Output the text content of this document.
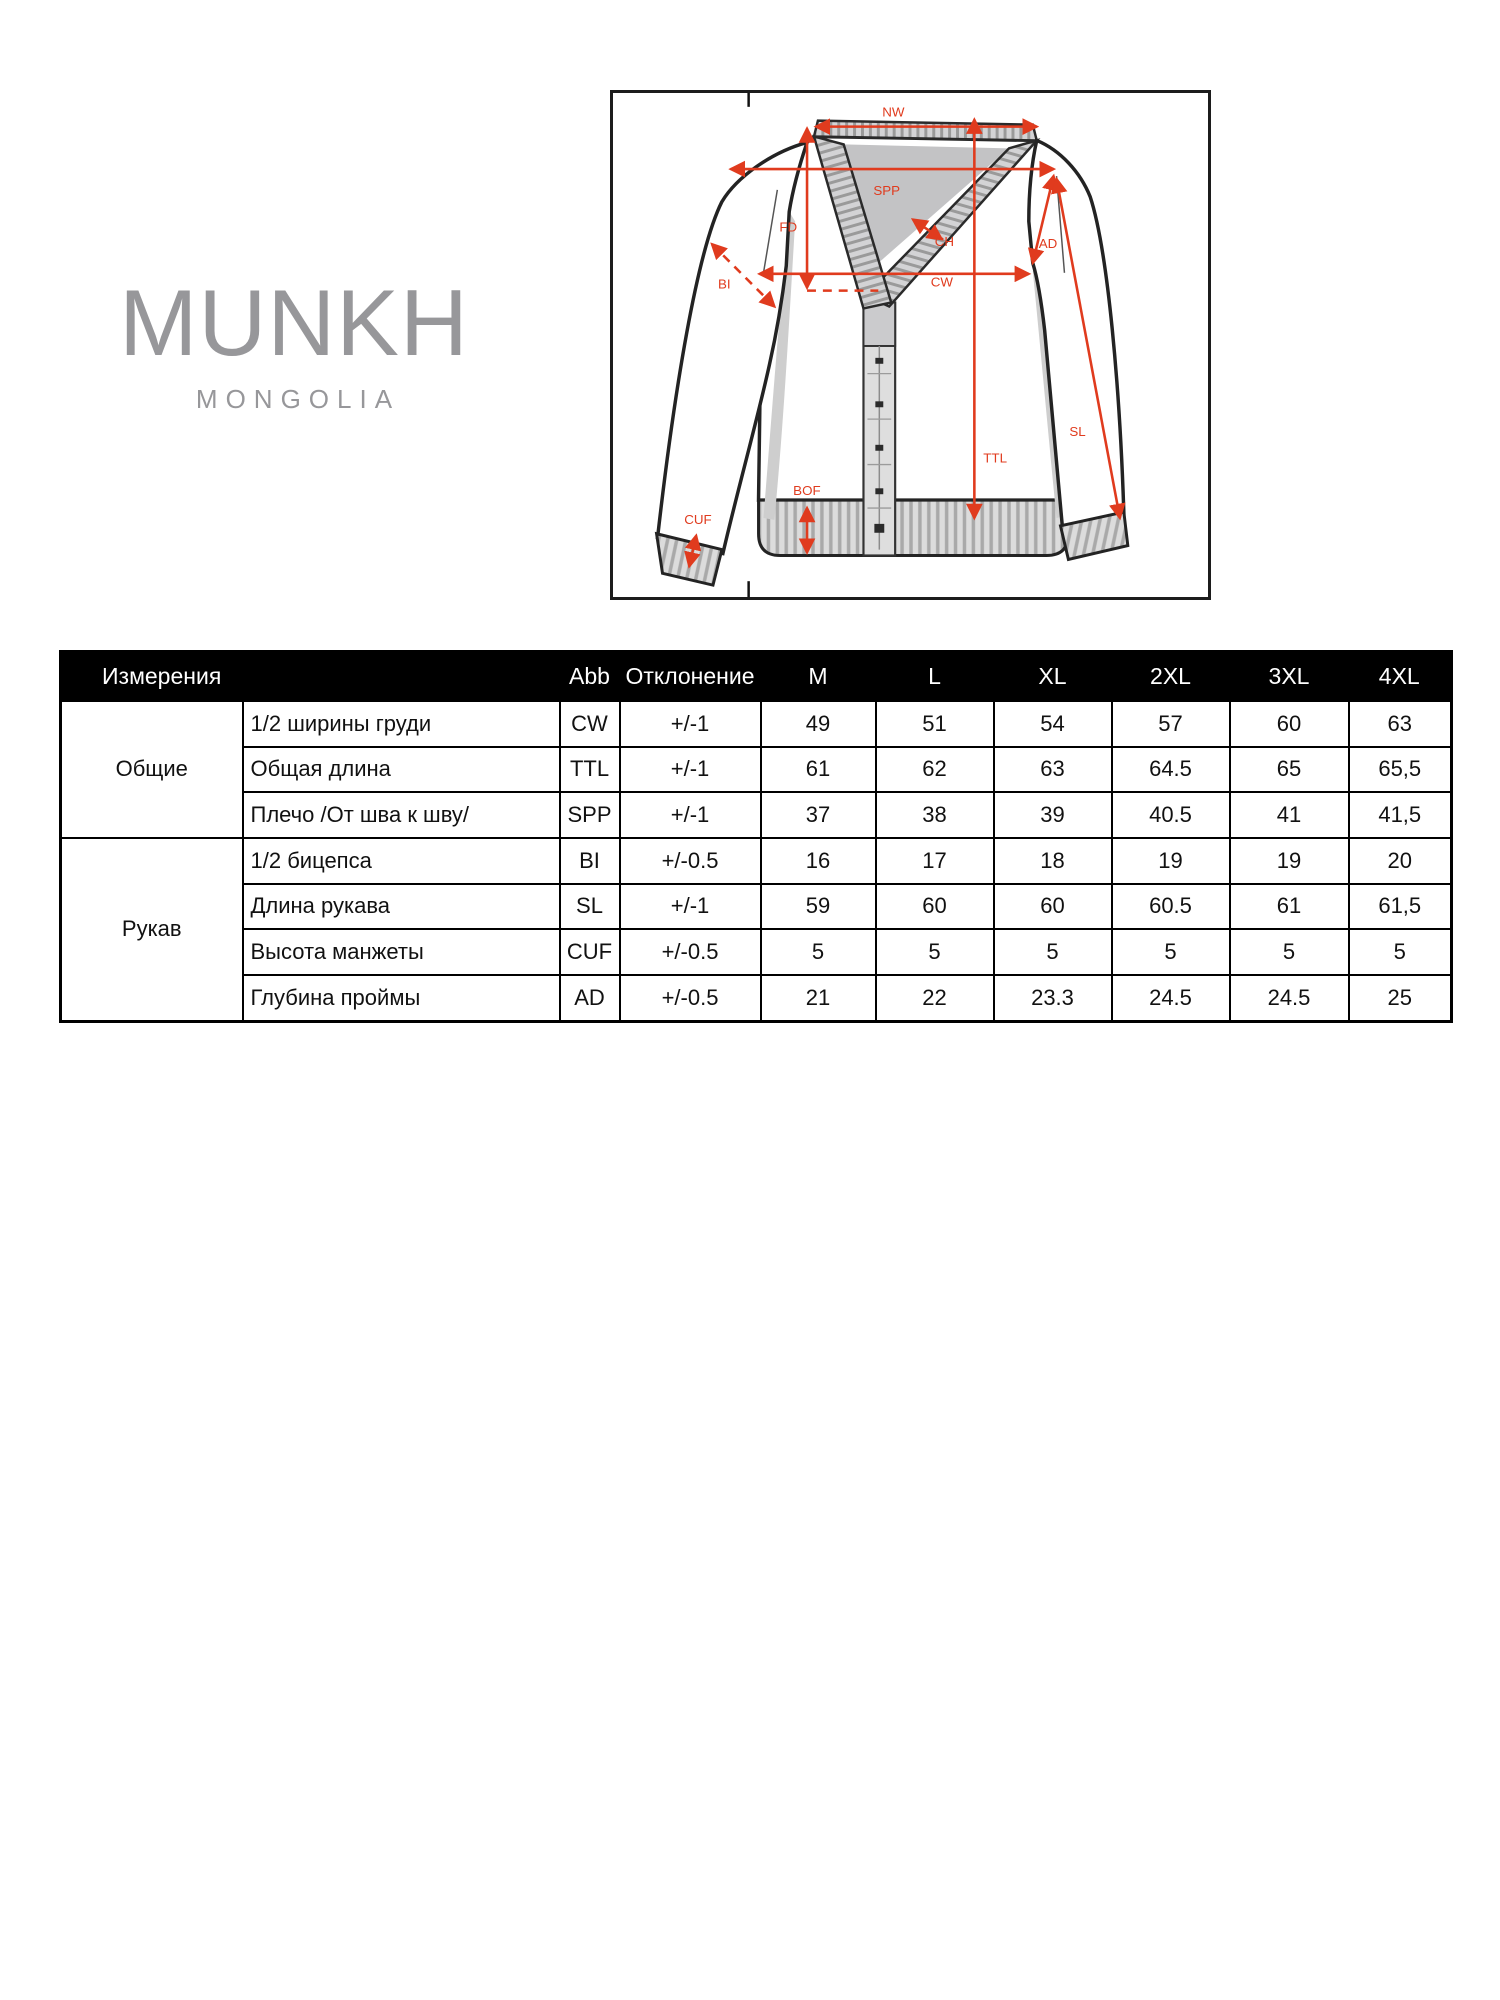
MUNKH
MONGOLIA
NW
SPP
FD
CH
BI	CW
AD
SL
TTL
BOF
CUF
Измерения		Abb	Отклонение	M	L	XL	2XL	3XL	4XL
Общие	1/2 ширины груди	CW	+/-1	49	51	54	57	60	63
	Общая длина	TTL	+/-1	61	62	63	64.5	65	65,5
	Плечо /От шва к шву/	SPP	+/-1	37	38	39	40.5	41	41,5
Рукав	1/2 бицепса	BI	+/-0.5	16	17	18	19	19	20
	Длина рукава	SL	+/-1	59	60	60	60.5	61	61,5
	Высота манжеты	CUF	+/-0.5	5	5	5	5	5	5
	Глубина проймы	AD	+/-0.5	21	22	23.3	24.5	24.5	25
